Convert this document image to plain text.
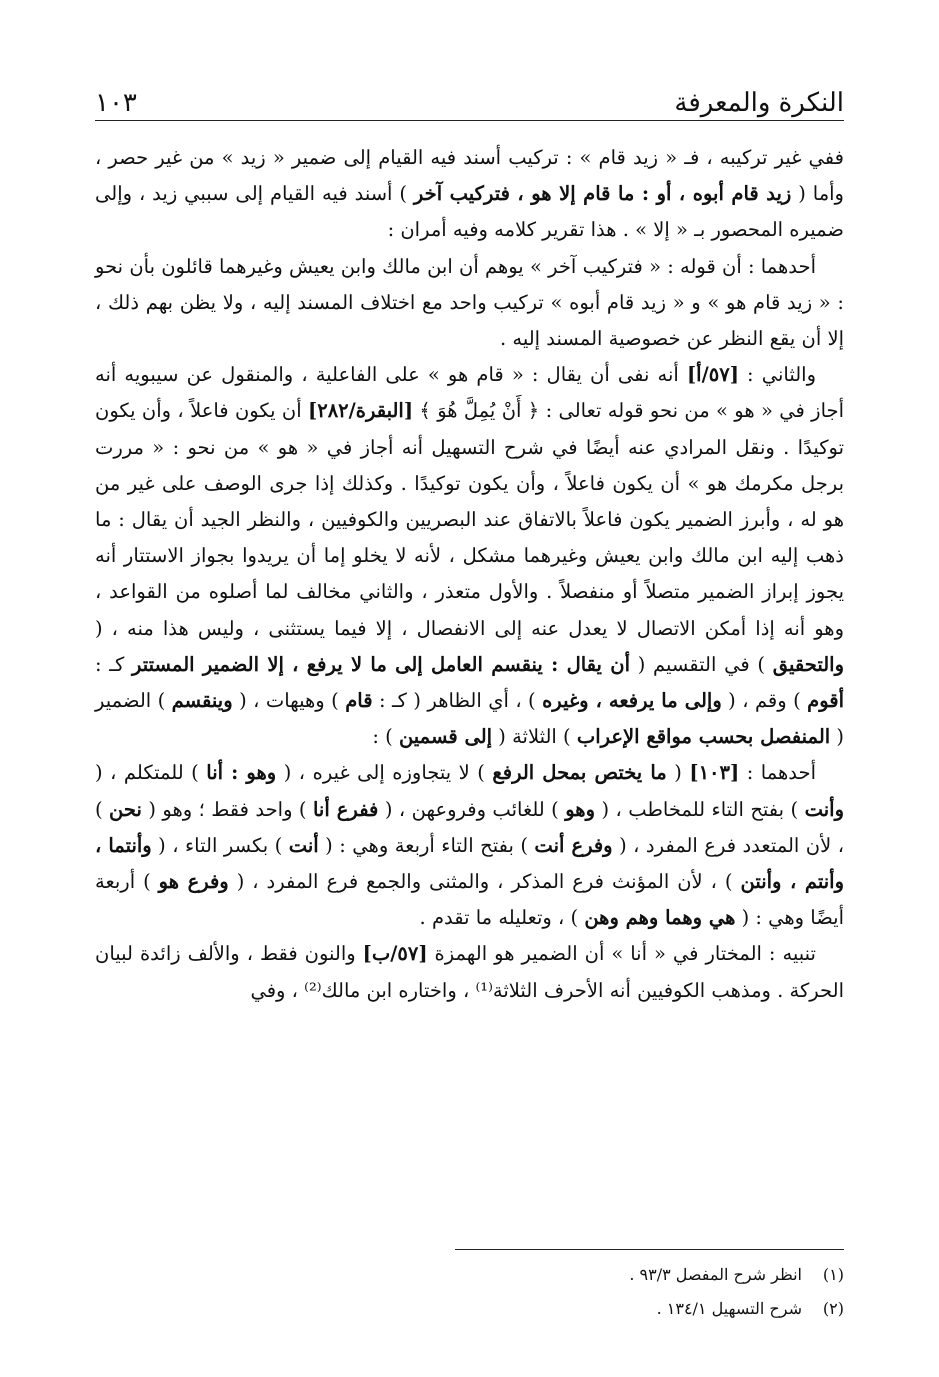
النكرة والمعرفة
١٠٣

ففي غير تركيبه ، فـ « زيد قام » : تركيب أسند فيه القيام إلى ضمير « زيد » من غير حصر ، وأما ( زيد قام أبوه ، أو : ما قام إلا هو ، فتركيب آخر ) أسند فيه القيام إلى سببي زيد ، وإلى ضميره المحصور بـ « إلا » . هذا تقرير كلامه وفيه أمران :

أحدهما : أن قوله : « فتركيب آخر » يوهم أن ابن مالك وابن يعيش وغيرهما قائلون بأن نحو : « زيد قام هو » و « زيد قام أبوه » تركيب واحد مع اختلاف المسند إليه ، ولا يظن بهم ذلك ، إلا أن يقع النظر عن خصوصية المسند إليه .

والثاني : [٥٧/أ] أنه نفى أن يقال : « قام هو » على الفاعلية ، والمنقول عن سيبويه أنه أجاز في « هو » من نحو قوله تعالى : ﴿ أَنْ يُمِلَّ هُوَ ﴾ [البقرة/٢٨٢] أن يكون فاعلاً ، وأن يكون توكيدًا . ونقل المرادي عنه أيضًا في شرح التسهيل أنه أجاز في « هو » من نحو : « مررت برجل مكرمك هو » أن يكون فاعلاً ، وأن يكون توكيدًا . وكذلك إذا جرى الوصف على غير من هو له ، وأبرز الضمير يكون فاعلاً بالاتفاق عند البصريين والكوفيين ، والنظر الجيد أن يقال : ما ذهب إليه ابن مالك وابن يعيش وغيرهما مشكل ، لأنه لا يخلو إما أن يريدوا بجواز الاستتار أنه يجوز إبراز الضمير متصلاً أو منفصلاً . والأول متعذر ، والثاني مخالف لما أصلوه من القواعد ، وهو أنه إذا أمكن الاتصال لا يعدل عنه إلى الانفصال ، إلا فيما يستثنى ، وليس هذا منه ، ( والتحقيق ) في التقسيم ( أن يقال : ينقسم العامل إلى ما لا يرفع ، إلا الضمير المستتر كـ : أقوم ) وقم ، ( وإلى ما يرفعه ، وغيره ) ، أي الظاهر ( كـ : قام ) وهيهات ، ( وينقسم ) الضمير ( المنفصل بحسب مواقع الإعراب ) الثلاثة ( إلى قسمين ) :

أحدهما : [١٠٣] ( ما يختص بمحل الرفع ) لا يتجاوزه إلى غيره ، ( وهو : أنا ) للمتكلم ، ( وأنت ) بفتح التاء للمخاطب ، ( وهو ) للغائب وفروعهن ، ( ففرع أنا ) واحد فقط ؛ وهو ( نحن ) ، لأن المتعدد فرع المفرد ، ( وفرع أنت ) بفتح التاء أربعة وهي : ( أنت ) بكسر التاء ، ( وأنتما ، وأنتم ، وأنتن ) ، لأن المؤنث فرع المذكر ، والمثنى والجمع فرع المفرد ، ( وفرع هو ) أربعة أيضًا وهي : ( هي وهما وهم وهن ) ، وتعليله ما تقدم .

تنبيه : المختار في « أنا » أن الضمير هو الهمزة [٥٧/ب] والنون فقط ، والألف زائدة لبيان الحركة . ومذهب الكوفيين أنه الأحرف الثلاثة⁽¹⁾ ، واختاره ابن مالك⁽²⁾ ، وفي

(١)
انظر شرح المفصل ٩٣/٣ .
(٢)
شرح التسهيل ١٣٤/١ .
